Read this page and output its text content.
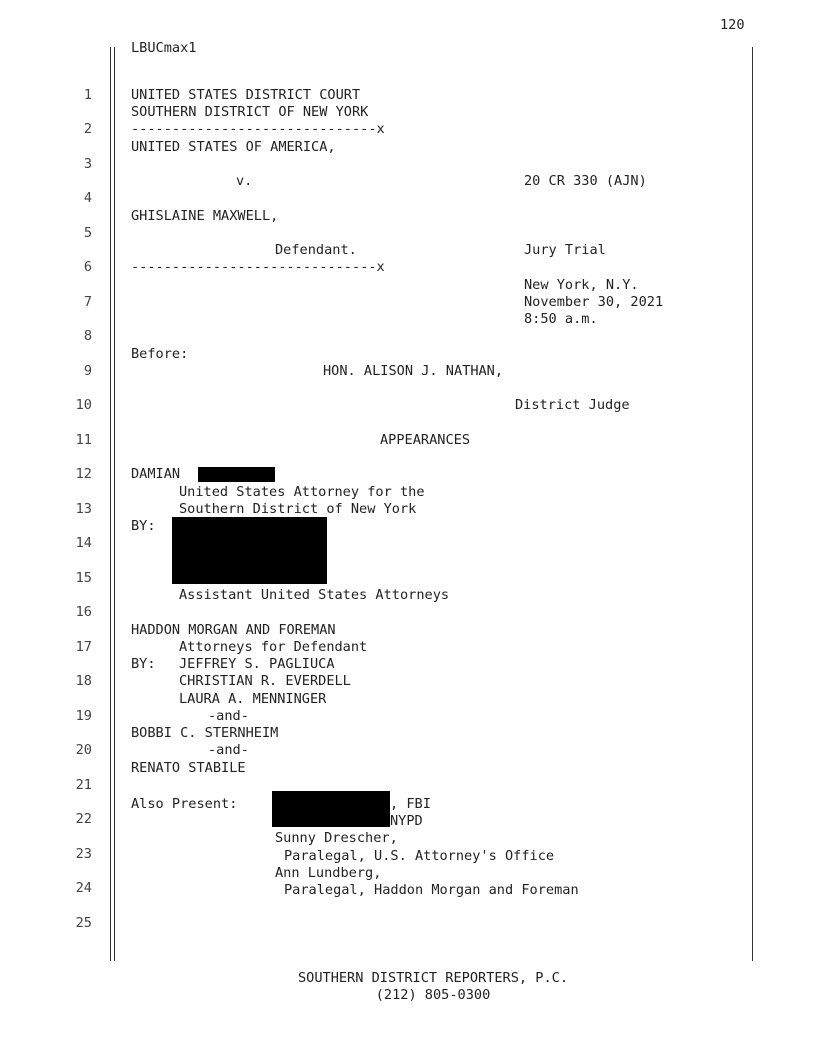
120
LBUCmax1
1
2
3
4
5
6
7
8
9
10
11
12
13
14
15
16
17
18
19
20
21
22
23
24
25
UNITED STATES DISTRICT COURT
SOUTHERN DISTRICT OF NEW YORK
------------------------------x
UNITED STATES OF AMERICA,
v.	20 CR 330 (AJN)
GHISLAINE MAXWELL,
Defendant.	Jury Trial
------------------------------x
New York, N.Y.
November 30, 2021
8:50 a.m.
Before:
HON. ALISON J. NATHAN,
District Judge
APPEARANCES
DAMIAN
United States Attorney for the
Southern District of New York
BY:
Assistant United States Attorneys
HADDON MORGAN AND FOREMAN
Attorneys for Defendant
BY: JEFFREY S. PAGLIUCA
CHRISTIAN R. EVERDELL
LAURA A. MENNINGER
-and-
BOBBI C. STERNHEIM
-and-
RENATO STABILE
Also Present:	, FBI
NYPD
Sunny Drescher,
Paralegal, U.S. Attorney's Office
Ann Lundberg,
Paralegal, Haddon Morgan and Foreman
SOUTHERN DISTRICT REPORTERS, P.C.
(212) 805-0300
